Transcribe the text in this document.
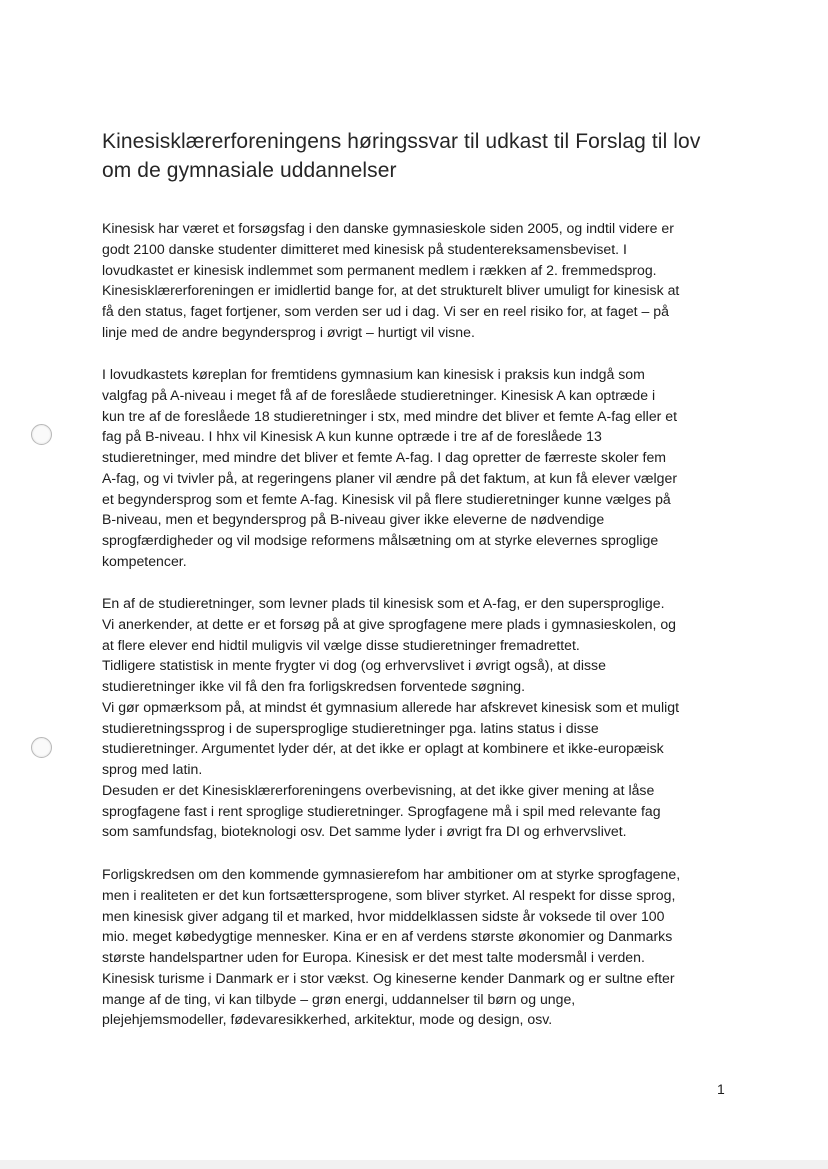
Kinesisklærerforeningens høringssvar til udkast til Forslag til lov
om de gymnasiale uddannelser
Kinesisk har været et forsøgsfag i den danske gymnasieskole siden 2005, og indtil videre er
godt 2100 danske studenter dimitteret med kinesisk på studentereksamensbeviset. I
lovudkastet er kinesisk indlemmet som permanent medlem i rækken af 2. fremmedsprog.
Kinesisklærerforeningen er imidlertid bange for, at det strukturelt bliver umuligt for kinesisk at
få den status, faget fortjener, som verden ser ud i dag. Vi ser en reel risiko for, at faget – på
linje med de andre begyndersprog i øvrigt – hurtigt vil visne.
I lovudkastets køreplan for fremtidens gymnasium kan kinesisk i praksis kun indgå som
valgfag på A-niveau i meget få af de foreslåede studieretninger. Kinesisk A kan optræde i
kun tre af de foreslåede 18 studieretninger i stx, med mindre det bliver et femte A-fag eller et
fag på B-niveau. I hhx vil Kinesisk A kun kunne optræde i tre af de foreslåede 13
studieretninger, med mindre det bliver et femte A-fag. I dag opretter de færreste skoler fem
A-fag, og vi tvivler på, at regeringens planer vil ændre på det faktum, at kun få elever vælger
et begyndersprog som et femte A-fag. Kinesisk vil på flere studieretninger kunne vælges på
B-niveau, men et begyndersprog på B-niveau giver ikke eleverne de nødvendige
sprogfærdigheder og vil modsige reformens målsætning om at styrke elevernes sproglige
kompetencer.
En af de studieretninger, som levner plads til kinesisk som et A-fag, er den supersproglige.
Vi anerkender, at dette er et forsøg på at give sprogfagene mere plads i gymnasieskolen, og
at flere elever end hidtil muligvis vil vælge disse studieretninger fremadrettet.
Tidligere statistisk in mente frygter vi dog (og erhvervslivet i øvrigt også), at disse
studieretninger ikke vil få den fra forligskredsen forventede søgning.
Vi gør opmærksom på, at mindst ét gymnasium allerede har afskrevet kinesisk som et muligt
studieretningssprog i de supersproglige studieretninger pga. latins status i disse
studieretninger. Argumentet lyder dér, at det ikke er oplagt at kombinere et ikke-europæisk
sprog med latin.
Desuden er det Kinesisklærerforeningens overbevisning, at det ikke giver mening at låse
sprogfagene fast i rent sproglige studieretninger. Sprogfagene må i spil med relevante fag
som samfundsfag, bioteknologi osv. Det samme lyder i øvrigt fra DI og erhvervslivet.
Forligskredsen om den kommende gymnasierefom har ambitioner om at styrke sprogfagene,
men i realiteten er det kun fortsættersprogene, som bliver styrket. Al respekt for disse sprog,
men kinesisk giver adgang til et marked, hvor middelklassen sidste år voksede til over 100
mio. meget købedygtige mennesker. Kina er en af verdens største økonomier og Danmarks
største handelspartner uden for Europa. Kinesisk er det mest talte modersmål i verden.
Kinesisk turisme i Danmark er i stor vækst. Og kineserne kender Danmark og er sultne efter
mange af de ting, vi kan tilbyde – grøn energi, uddannelser til børn og unge,
plejehjemsmodeller, fødevaresikkerhed, arkitektur, mode og design, osv.
1
